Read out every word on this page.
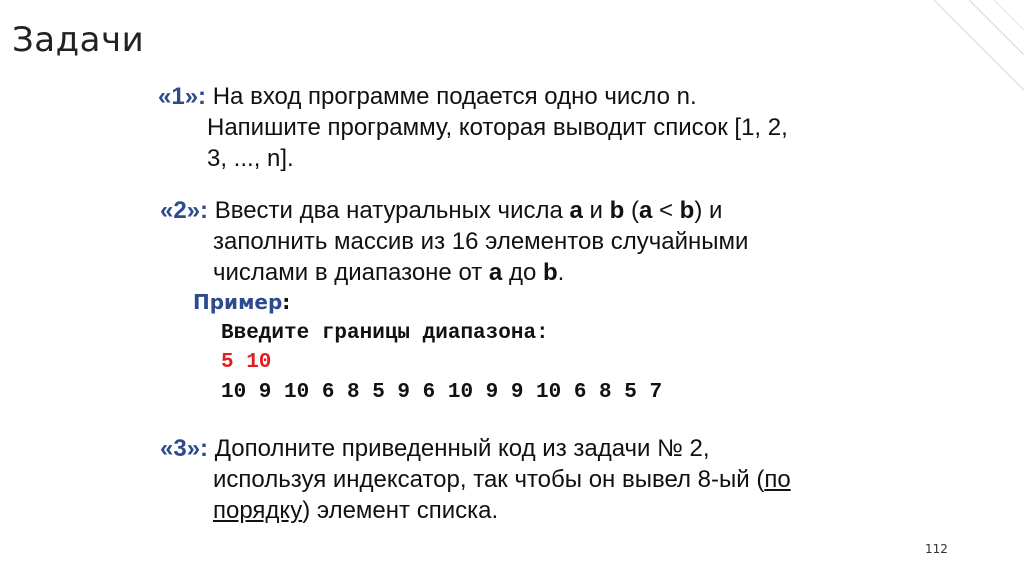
Задачи
«1»: На вход программе подается одно число n.
Напишите программу, которая выводит список [1, 2,
3, ..., n].
«2»: Ввести два натуральных числа a и b (a < b) и
заполнить массив из 16 элементов случайными
числами в диапазоне от a до b.
Пример:
Введите границы диапазона:
5 10
10 9 10 6 8 5 9 6 10 9 9 10 6 8 5 7
«3»: Дополните приведенный код из задачи № 2,
используя индексатор, так чтобы он вывел 8-ый (по
порядку) элемент списка.
112
